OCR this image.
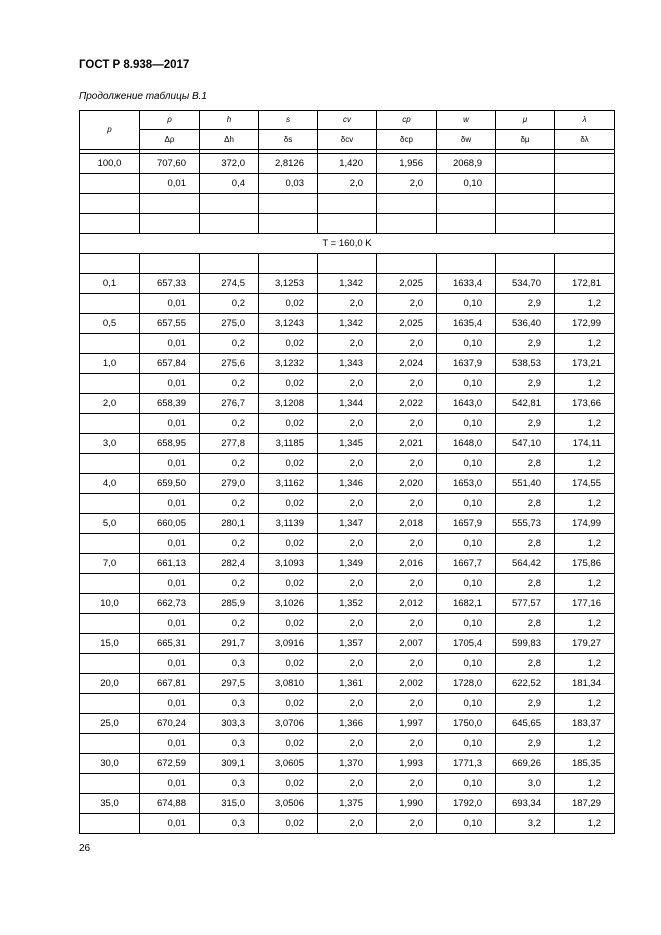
ГОСТ Р 8.938—2017
Продолжение таблицы В.1
p	ρ	h	s	cv	cp	w	μ	λ
	Δρ	Δh	δs	δcv	δcp	δw	δμ	δλ

100,0	707,60	372,0	2,8126	1,420	1,956	2068,9		
	0,01	0,4	0,03	2,0	2,0	0,10		

T = 160,0 K								

0,1	657,33	274,5	3,1253	1,342	2,025	1633,4	534,70	172,81
	0,01	0,2	0,02	2,0	2,0	0,10	2,9	1,2
0,5	657,55	275,0	3,1243	1,342	2,025	1635,4	536,40	172,99
	0,01	0,2	0,02	2,0	2,0	0,10	2,9	1,2
1,0	657,84	275,6	3,1232	1,343	2,024	1637,9	538,53	173,21
	0,01	0,2	0,02	2,0	2,0	0,10	2,9	1,2
2,0	658,39	276,7	3,1208	1,344	2,022	1643,0	542,81	173,66
	0,01	0,2	0,02	2,0	2,0	0,10	2,9	1,2
3,0	658,95	277,8	3,1185	1,345	2,021	1648,0	547,10	174,11
	0,01	0,2	0,02	2,0	2,0	0,10	2,8	1,2
4,0	659,50	279,0	3,1162	1,346	2,020	1653,0	551,40	174,55
	0,01	0,2	0,02	2,0	2,0	0,10	2,8	1,2
5,0	660,05	280,1	3,1139	1,347	2,018	1657,9	555,73	174,99
	0,01	0,2	0,02	2,0	2,0	0,10	2,8	1,2
7,0	661,13	282,4	3,1093	1,349	2,016	1667,7	564,42	175,86
	0,01	0,2	0,02	2,0	2,0	0,10	2,8	1,2
10,0	662,73	285,9	3,1026	1,352	2,012	1682,1	577,57	177,16
	0,01	0,2	0,02	2,0	2,0	0,10	2,8	1,2
15,0	665,31	291,7	3,0916	1,357	2,007	1705,4	599,83	179,27
	0,01	0,3	0,02	2,0	2,0	0,10	2,8	1,2
20,0	667,81	297,5	3,0810	1,361	2,002	1728,0	622,52	181,34
	0,01	0,3	0,02	2,0	2,0	0,10	2,9	1,2
25,0	670,24	303,3	3,0706	1,366	1,997	1750,0	645,65	183,37
	0,01	0,3	0,02	2,0	2,0	0,10	2,9	1,2
30,0	672,59	309,1	3,0605	1,370	1,993	1771,3	669,26	185,35
	0,01	0,3	0,02	2,0	2,0	0,10	3,0	1,2
35,0	674,88	315,0	3,0506	1,375	1,990	1792,0	693,34	187,29
	0,01	0,3	0,02	2,0	2,0	0,10	3,2	1,2
26
